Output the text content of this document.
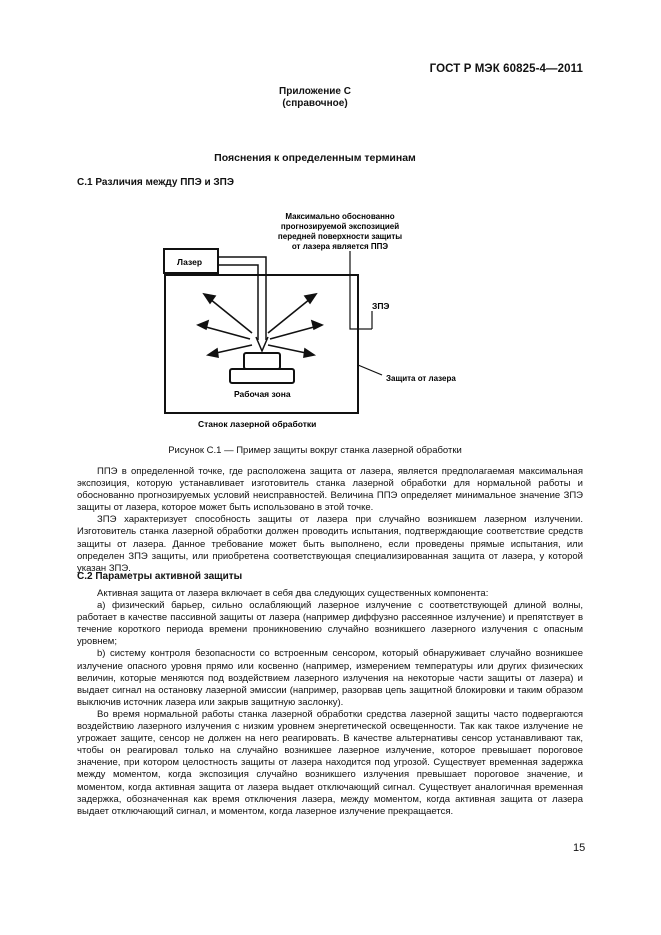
ГОСТ Р МЭК 60825-4—2011
Приложение С
(справочное)
Пояснения к определенным терминам
С.1 Различия между ППЭ и ЗПЭ
Лазер
Максимально обоснованно
прогнозируемой экспозицией
передней поверхности защиты
от лазера является ППЭ
ЗПЭ
Защита от лазера
Рабочая зона
Станок лазерной обработки
Рисунок С.1 — Пример защиты вокруг станка лазерной обработки

ППЭ в определенной точке, где расположена защита от лазера, является предполагаемая максимальная экспозиция, которую устанавливает изготовитель станка лазерной обработки для нормальной работы и обоснованно прогнозируемых условий неисправностей. Величина ППЭ определяет минимальное значение ЗПЭ защиты от лазера, которое может быть использовано в этой точке.

ЗПЭ характеризует способность защиты от лазера при случайно возникшем лазерном излучении. Изготовитель станка лазерной обработки должен проводить испытания, подтверждающие соответствие средств защиты от лазера. Данное требование может быть выполнено, если проведены прямые испытания, или определен ЗПЭ защиты, или приобретена соответствующая специализированная защита от лазера, у которой указан ЗПЭ.

С.2 Параметры активной защиты

Активная защита от лазера включает в себя два следующих существенных компонента:

а) физический барьер, сильно ослабляющий лазерное излучение с соответствующей длиной волны, работает в качестве пассивной защиты от лазера (например диффузно рассеянное излучение) и препятствует в течение короткого периода времени проникновению случайно возникшего лазерного излучения с опасным уровнем;

b) систему контроля безопасности со встроенным сенсором, который обнаруживает случайно возникшее излучение опасного уровня прямо или косвенно (например, измерением температуры или других физических величин, которые меняются под воздействием лазерного излучения на некоторые части защиты от лазера) и выдает сигнал на остановку лазерной эмиссии (например, разорвав цепь защитной блокировки и таким образом выключив источник лазера или закрыв защитную заслонку).

Во время нормальной работы станка лазерной обработки средства лазерной защиты часто подвергаются воздействию лазерного излучения с низким уровнем энергетической освещенности. Так как такое излучение не угрожает защите, сенсор не должен на него реагировать. В качестве альтернативы сенсор устанавливают так, чтобы он реагировал только на случайно возникшее лазерное излучение, которое превышает пороговое значение, при котором целостность защиты от лазера находится под угрозой. Существует временная задержка между моментом, когда экспозиция случайно возникшего излучения превышает пороговое значение, и моментом, когда активная защита от лазера выдает отключающий сигнал. Существует аналогичная временная задержка, обозначенная как время отключения лазера, между моментом, когда активная защита от лазера выдает отключающий сигнал, и моментом, когда лазерное излучение прекращается.

15
